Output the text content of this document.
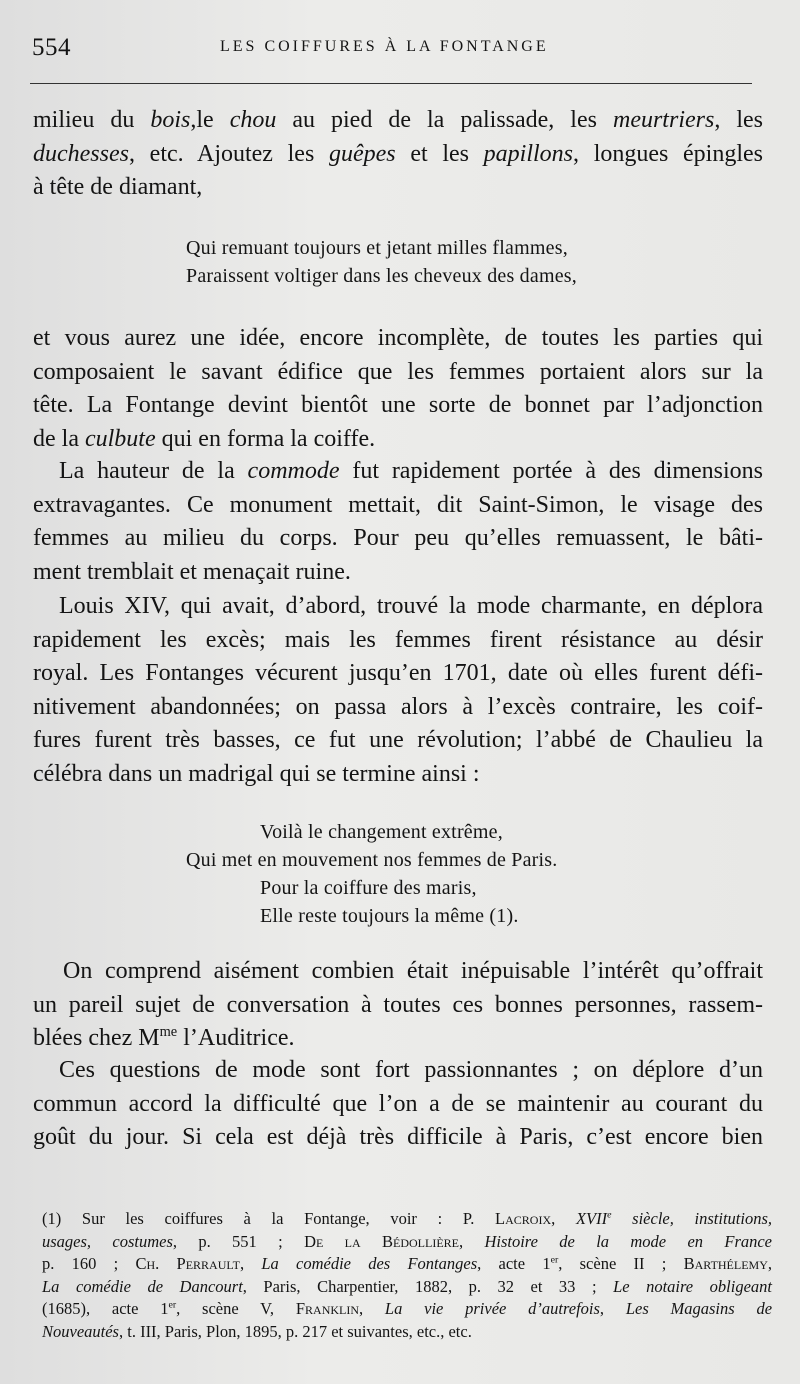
554	LES COIFFURES À LA FONTANGE
milieu du bois,le chou au pied de la palissade, les meurtriers, les
duchesses, etc. Ajoutez les guêpes et les papillons, longues épingles
à tête de diamant,
Qui remuant toujours et jetant milles flammes,
Paraissent voltiger dans les cheveux des dames,
et vous aurez une idée, encore incomplète, de toutes les parties qui
composaient le savant édifice que les femmes portaient alors sur la
tête. La Fontange devint bientôt une sorte de bonnet par l’adjonction
de la culbute qui en forma la coiffe.
La hauteur de la commode fut rapidement portée à des dimensions
extravagantes. Ce monument mettait, dit Saint-Simon, le visage des
femmes au milieu du corps. Pour peu qu’elles remuassent, le bâti-
ment tremblait et menaçait ruine.
Louis XIV, qui avait, d’abord, trouvé la mode charmante, en déplora
rapidement les excès; mais les femmes firent résistance au désir
royal. Les Fontanges vécurent jusqu’en 1701, date où elles furent défi-
nitivement abandonnées; on passa alors à l’excès contraire, les coif-
fures furent très basses, ce fut une révolution; l’abbé de Chaulieu la
célébra dans un madrigal qui se termine ainsi :
Voilà le changement extrême,
Qui met en mouvement nos femmes de Paris.
Pour la coiffure des maris,
Elle reste toujours la même (1).
On comprend aisément combien était inépuisable l’intérêt qu’offrait
un pareil sujet de conversation à toutes ces bonnes personnes, rassem-
blées chez $M^{me}$ l’Auditrice.
Ces questions de mode sont fort passionnantes ; on déplore d’un
commun accord la difficulté que l’on a de se maintenir au courant du
goût du jour. Si cela est déjà très difficile à Paris, c’est encore bien
(1) Sur les coiffures à la Fontange, voir : P. Lacroix, XVIIe siècle, institutions,
usages, costumes, p. 551 ; De la Bédollière, Histoire de la mode en France
p. 160 ; Ch. Perrault, La comédie des Fontanges, acte 1er, scène II ; Barthélemy,
La comédie de Dancourt, Paris, Charpentier, 1882, p. 32 et 33 ; Le notaire obligeant
(1685), acte 1er, scène V, Franklin, La vie privée d’autrefois, Les Magasins de
Nouveautés, t. III, Paris, Plon, 1895, p. 217 et suivantes, etc., etc.
